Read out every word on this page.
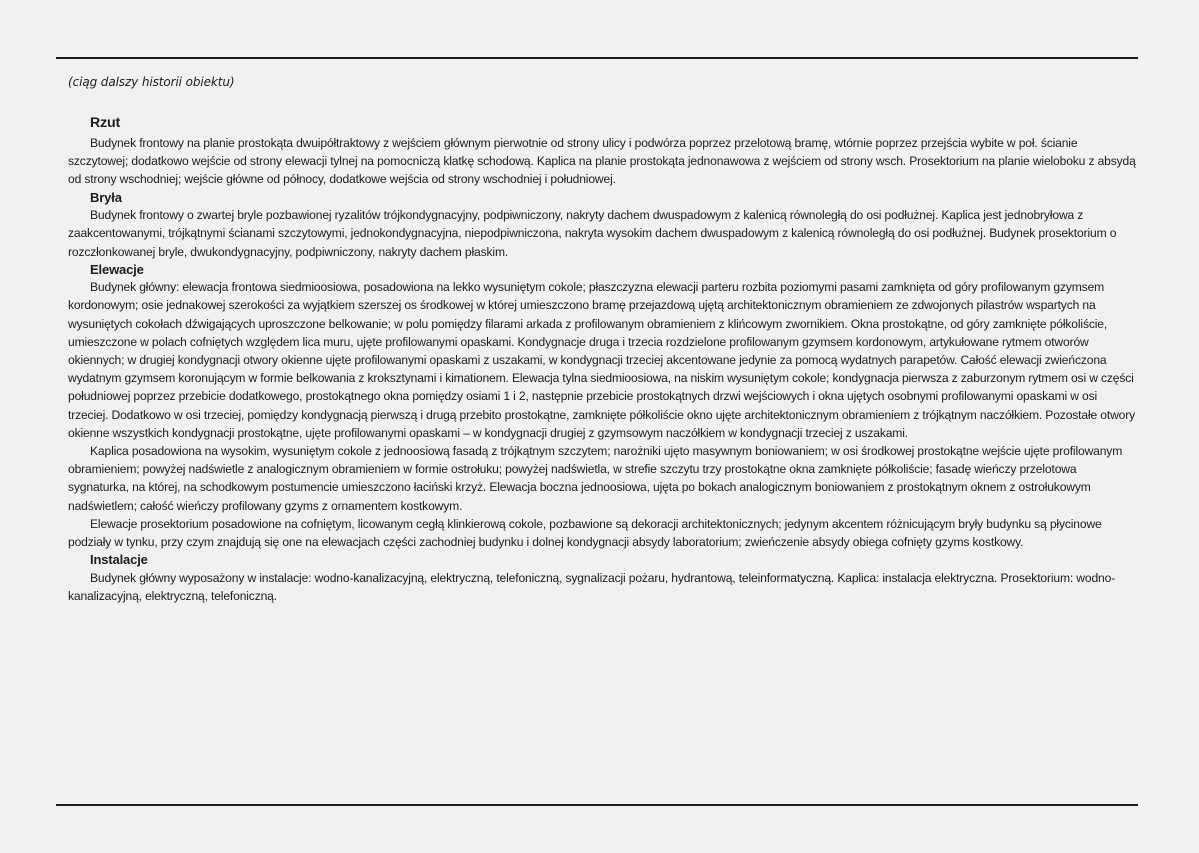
(ciąg dalszy historii obiektu)
Rzut

Budynek frontowy na planie prostokąta dwuipółtraktowy z wejściem głównym pierwotnie od strony ulicy i podwórza poprzez przelotową bramę, wtórnie poprzez przejścia wybite w poł. ścianie szczytowej; dodatkowo wejście od strony elewacji tylnej na pomocniczą klatkę schodową. Kaplica na planie prostokąta jednonawowa z wejściem od strony wsch. Prosektorium na planie wieloboku z absydą od strony wschodniej; wejście główne od północy, dodatkowe wejścia od strony wschodniej i południowej.

Bryła

Budynek frontowy o zwartej bryle pozbawionej ryzalitów trójkondygnacyjny, podpiwniczony, nakryty dachem dwuspadowym z kalenicą równoległą do osi podłużnej. Kaplica jest jednobryłowa z zaakcentowanymi, trójkątnymi ścianami szczytowymi, jednokondygnacyjna, niepodpiwniczona, nakryta wysokim dachem dwuspadowym z kalenicą równoległą do osi podłużnej. Budynek prosektorium o rozczłonkowanej bryle, dwukondygnacyjny, podpiwniczony, nakryty dachem płaskim.

Elewacje

Budynek główny: elewacja frontowa siedmioosiowa, posadowiona na lekko wysuniętym cokole; płaszczyzna elewacji parteru rozbita poziomymi pasami zamknięta od góry profilowanym gzymsem kordonowym; osie jednakowej szerokości za wyjątkiem szerszej os środkowej w której umieszczono bramę przejazdową ujętą architektonicznym obramieniem ze zdwojonych pilastrów wspartych na wysuniętych cokołach dźwigających uproszczone belkowanie; w polu pomiędzy filarami arkada z profilowanym obramieniem z klińcowym zwornikiem. Okna prostokątne, od góry zamknięte półkoliście, umieszczone w polach cofniętych względem lica muru, ujęte profilowanymi opaskami. Kondygnacje druga i trzecia rozdzielone profilowanym gzymsem kordonowym, artykułowane rytmem otworów okiennych; w drugiej kondygnacji otwory okienne ujęte profilowanymi opaskami z uszakami, w kondygnacji trzeciej akcentowane jedynie za pomocą wydatnych parapetów. Całość elewacji zwieńczona wydatnym gzymsem koronującym w formie belkowania z kroksztynami i kimationem. Elewacja tylna siedmioosiowa, na niskim wysuniętym cokole; kondygnacja pierwsza z zaburzonym rytmem osi w części południowej poprzez przebicie dodatkowego, prostokątnego okna pomiędzy osiami 1 i 2, następnie przebicie prostokątnych drzwi wejściowych i okna ujętych osobnymi profilowanymi opaskami w osi trzeciej. Dodatkowo w osi trzeciej, pomiędzy kondygnacją pierwszą i drugą przebito prostokątne, zamknięte półkoliście okno ujęte architektonicznym obramieniem z trójkątnym naczółkiem. Pozostałe otwory okienne wszystkich kondygnacji prostokątne, ujęte profilowanymi opaskami – w kondygnacji drugiej z gzymsowym naczółkiem w kondygnacji trzeciej z uszakami.

Kaplica posadowiona na wysokim, wysuniętym cokole z jednoosiową fasadą z trójkątnym szczytem; narożniki ujęto masywnym boniowaniem; w osi środkowej prostokątne wejście ujęte profilowanym obramieniem; powyżej nadświetle z analogicznym obramieniem w formie ostrołuku; powyżej nadświetla, w strefie szczytu trzy prostokątne okna zamknięte półkoliście; fasadę wieńczy przelotowa sygnaturka, na której, na schodkowym postumencie umieszczono łaciński krzyż. Elewacja boczna jednoosiowa, ujęta po bokach analogicznym boniowaniem z prostokątnym oknem z ostrołukowym nadświetlem; całość wieńczy profilowany gzyms z ornamentem kostkowym.

Elewacje prosektorium posadowione na cofniętym, licowanym cegłą klinkierową cokole, pozbawione są dekoracji architektonicznych; jedynym akcentem różnicującym bryły budynku są płycinowe podziały w tynku, przy czym znajdują się one na elewacjach części zachodniej budynku i dolnej kondygnacji absydy laboratorium; zwieńczenie absydy obiega cofnięty gzyms kostkowy.

Instalacje

Budynek główny wyposażony w instalacje: wodno-kanalizacyjną, elektryczną, telefoniczną, sygnalizacji pożaru, hydrantową, teleinformatyczną. Kaplica: instalacja elektryczna. Prosektorium: wodno-kanalizacyjną, elektryczną, telefoniczną.
